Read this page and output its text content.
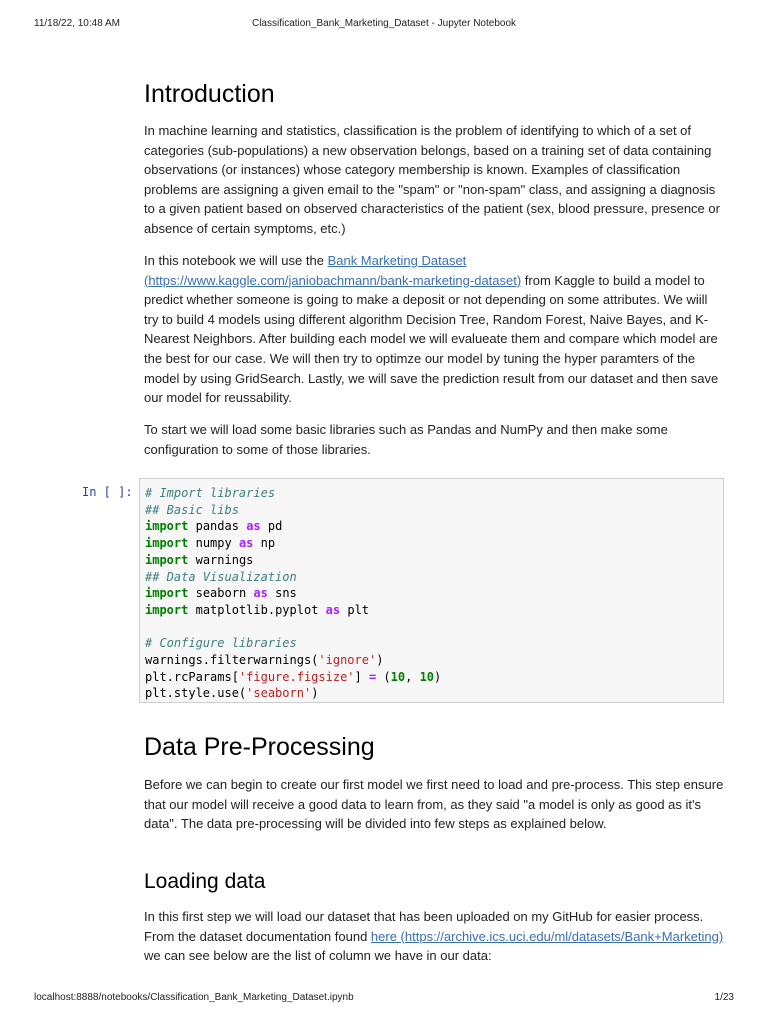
11/18/22, 10:48 AM	Classification_Bank_Marketing_Dataset - Jupyter Notebook
Introduction

In machine learning and statistics, classification is the problem of identifying to which of a set of categories (sub-populations) a new observation belongs, based on a training set of data containing observations (or instances) whose category membership is known. Examples of classification problems are assigning a given email to the "spam" or "non-spam" class, and assigning a diagnosis to a given patient based on observed characteristics of the patient (sex, blood pressure, presence or absence of certain symptoms, etc.)

In this notebook we will use the Bank Marketing Dataset (https://www.kaggle.com/janiobachmann/bank-marketing-dataset) from Kaggle to build a model to predict whether someone is going to make a deposit or not depending on some attributes. We wiill try to build 4 models using different algorithm Decision Tree, Random Forest, Naive Bayes, and K-Nearest Neighbors. After building each model we will evalueate them and compare which model are the best for our case. We will then try to optimze our model by tuning the hyper paramters of the model by using GridSearch. Lastly, we will save the prediction result from our dataset and then save our model for reussability.

To start we will load some basic libraries such as Pandas and NumPy and then make some configuration to some of those libraries.

In [ ]: # Import libraries
## Basic libs
import pandas as pd
import numpy as np
import warnings
## Data Visualization
import seaborn as sns
import matplotlib.pyplot as plt

# Configure libraries
warnings.filterwarnings('ignore')
plt.rcParams['figure.figsize'] = (10, 10)
plt.style.use('seaborn')
Data Pre-Processing

Before we can begin to create our first model we first need to load and pre-process. This step ensure that our model will receive a good data to learn from, as they said "a model is only as good as it's data". The data pre-processing will be divided into few steps as explained below.

Loading data

In this first step we will load our dataset that has been uploaded on my GitHub for easier process. From the dataset documentation found here (https://archive.ics.uci.edu/ml/datasets/Bank+Marketing) we can see below are the list of column we have in our data:

localhost:8888/notebooks/Classification_Bank_Marketing_Dataset.ipynb	1/23
